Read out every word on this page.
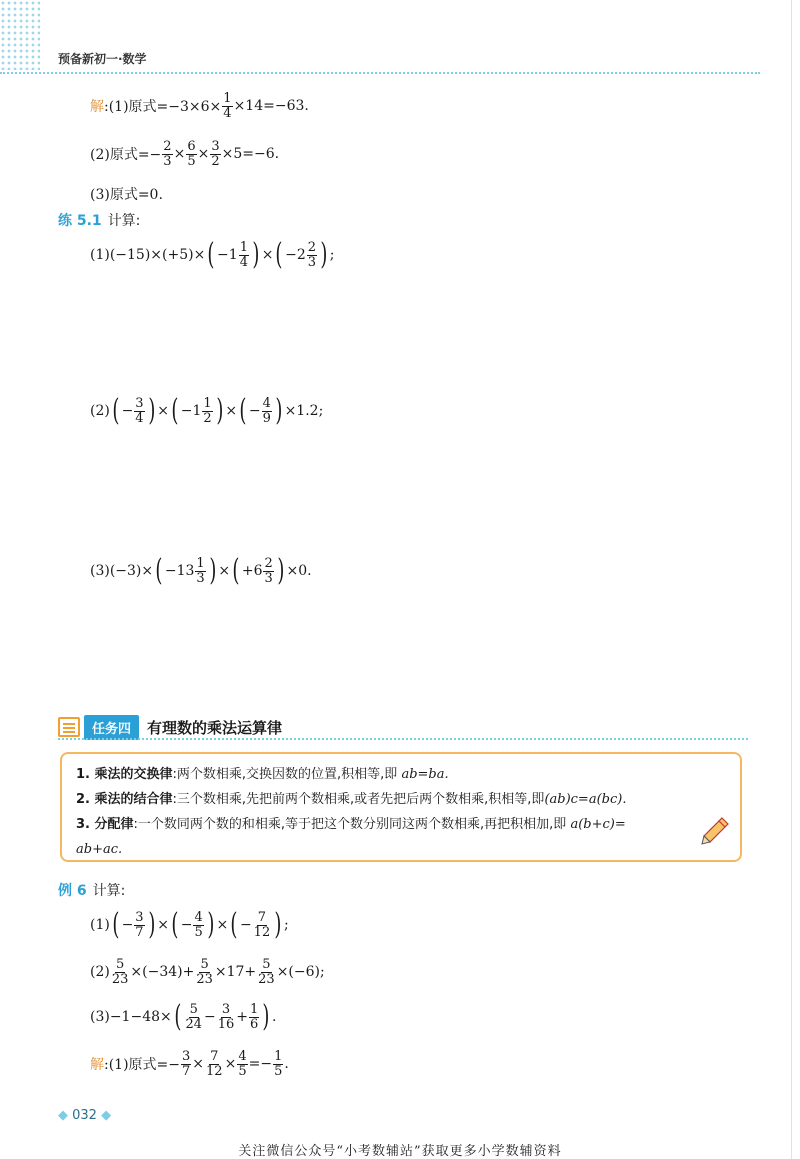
预备新初一·数学
解 :(1)原式$=-3\times 6\times \frac{1}{4} \times 14=-63$.
(2)原式=− $\frac{2}{3} \times \frac{6}{5} \times \frac{3}{2} \times 5=-6$.
(3)原式=0.
练 5.1 计算:
(1)(−15)×(+5)× ( $-1 \frac{1}{4}$ ) × ( $-2 \frac{2}{3}$ ) ;
(2) ( − $\frac{3}{4}$ ) × ( $-1 \frac{1}{2}$ ) × ( − $\frac{4}{9}$ ) ×1.2;
(3)(−3)× ( $-13 \frac{1}{3}$ ) × ( $+6 \frac{2}{3}$ ) ×0.
任务四	有理数的乘法运算律
1. 乘法的交换律:两个数相乘,交换因数的位置,积相等,即 ab=ba.
2. 乘法的结合律:三个数相乘,先把前两个数相乘,或者先把后两个数相乘,积相等,即(ab)c=a(bc).
3. 分配律:一个数同两个数的和相乘,等于把这个数分别同这两个数相乘,再把积相加,即 a(b+c)=
ab+ac.
例 6 计算:
(1) ( − $\frac{3}{7}$ ) × ( − $\frac{4}{5}$ ) × ( − $\frac{7}{12}$ ) ;
$(2) \frac{5}{23} \times(-34)+ \frac{5}{23} \times 17+ \frac{5}{23} \times(-6)$;
(3)−1−48× ( $\frac{5}{24} - \frac{3}{16} + \frac{1}{6}$ ) .
解 :(1)原式=− $\frac{3}{7} \times \frac{7}{12} \times \frac{4}{5} =- \frac{1}{5}$ .
◆ 032 ◆
关注微信公众号“小考数辅站”获取更多小学数辅资料
